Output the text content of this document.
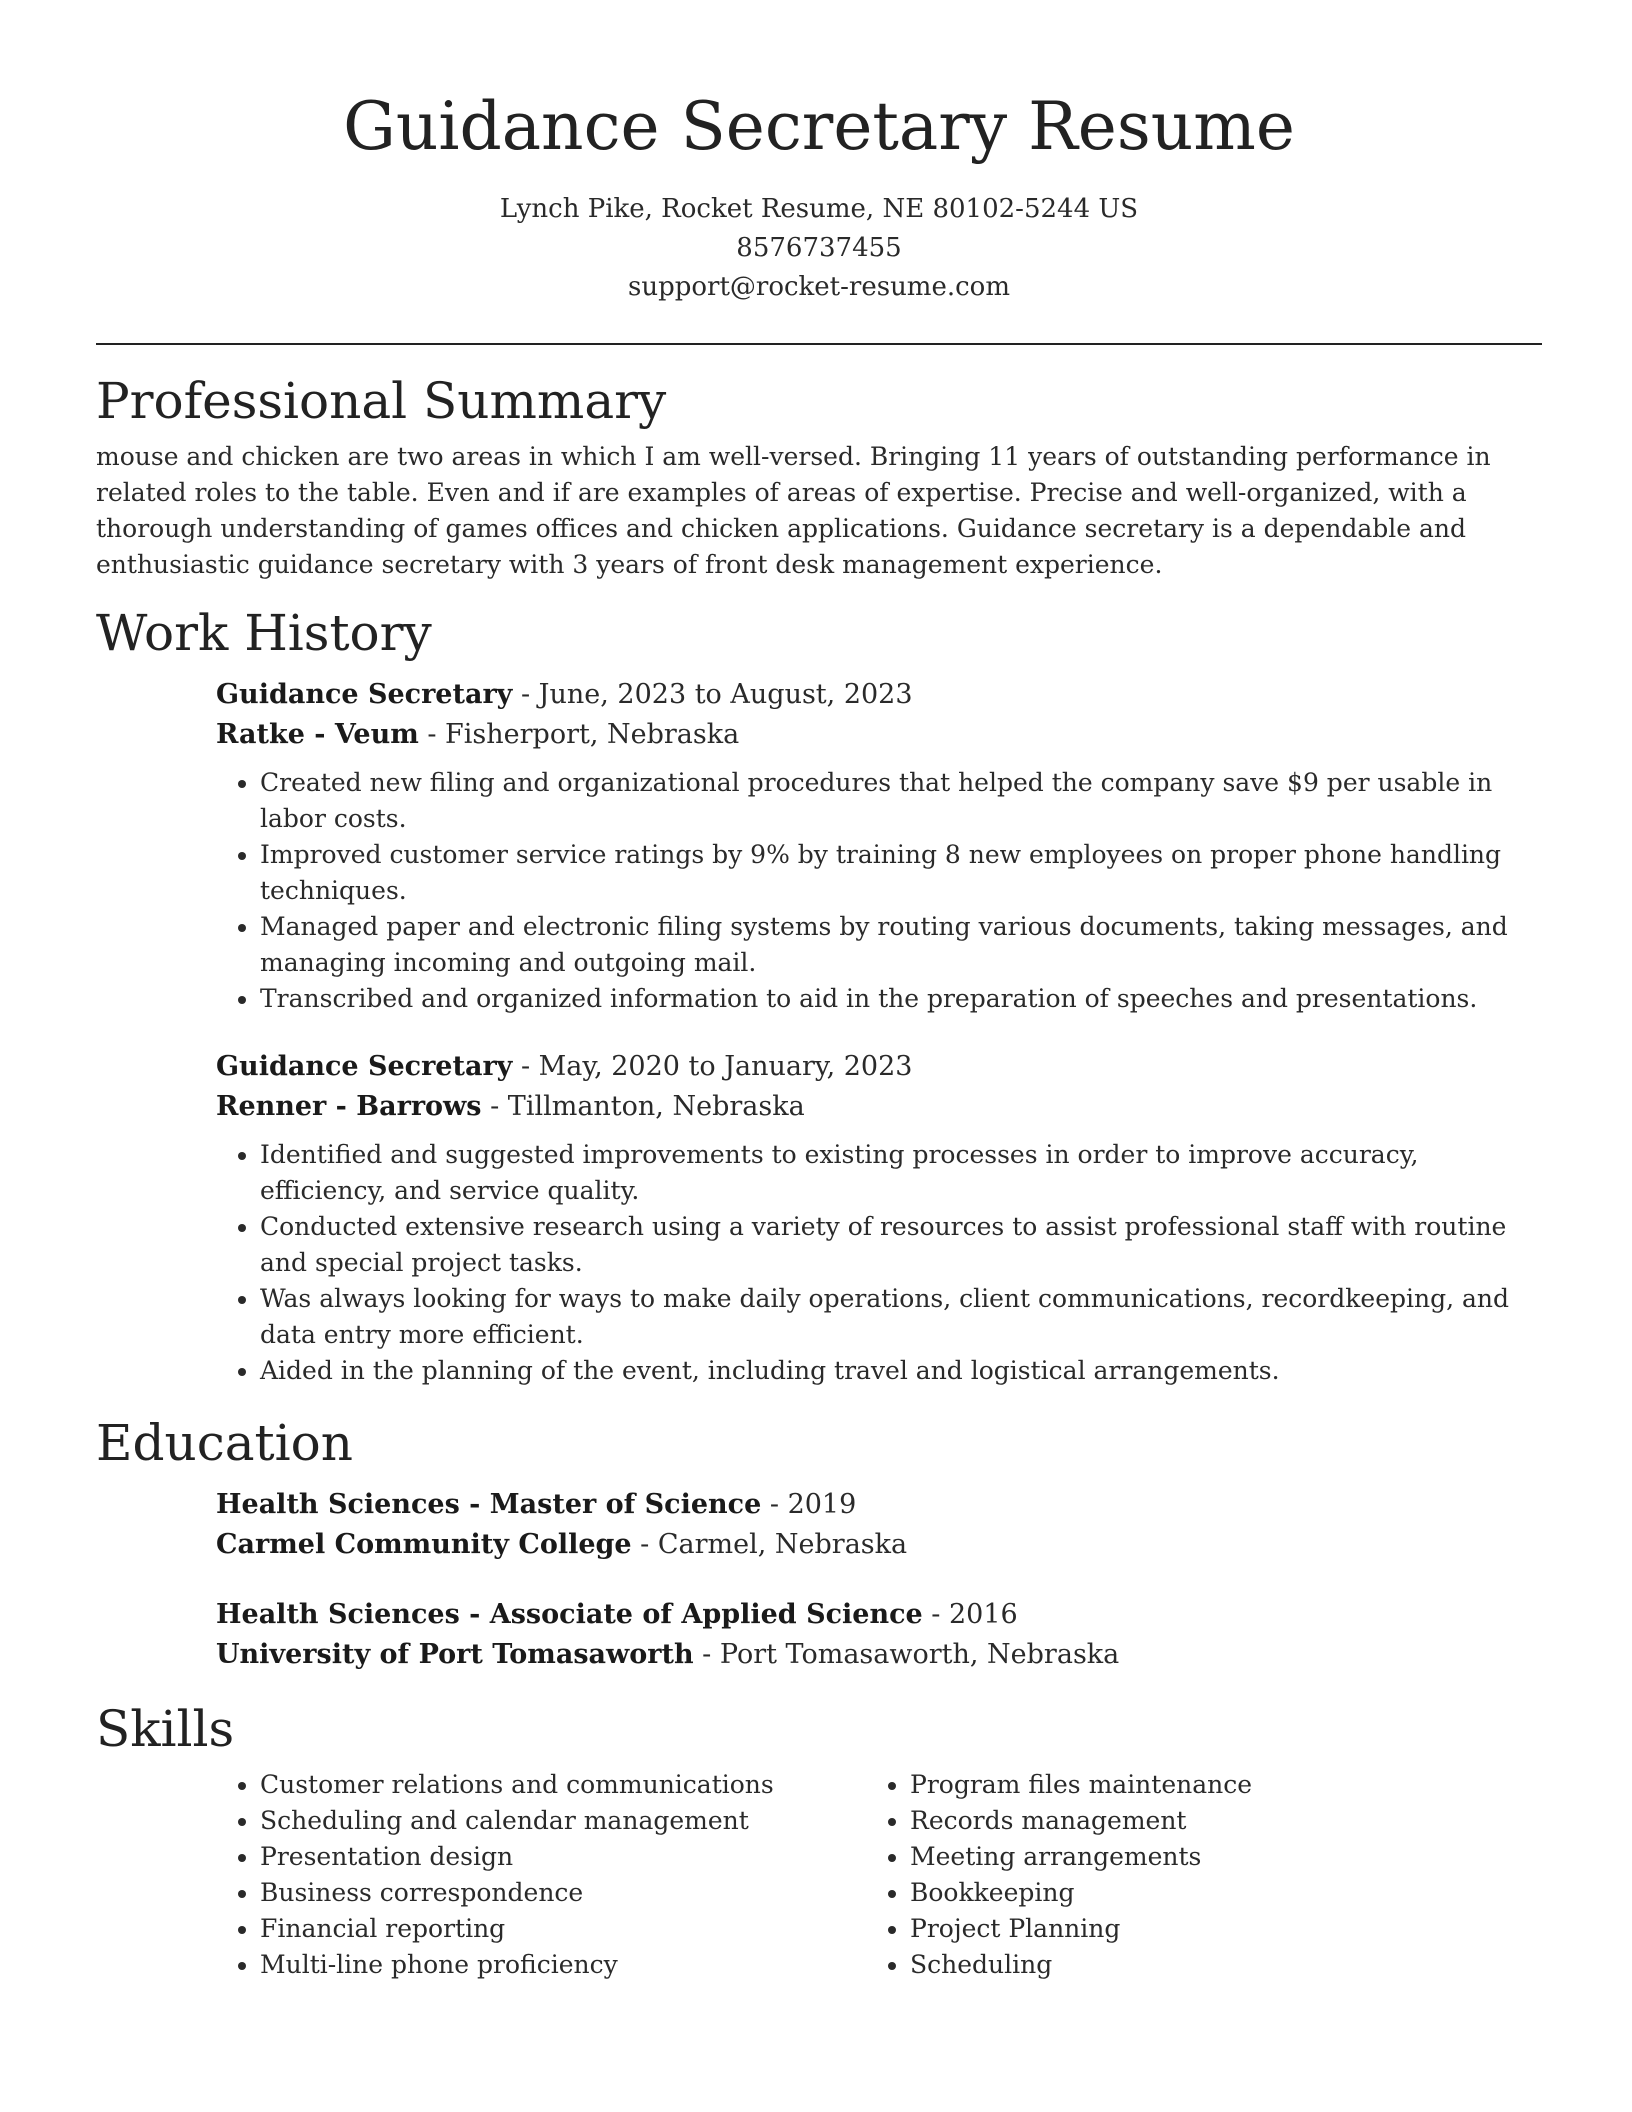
Guidance Secretary Resume

Lynch Pike, Rocket Resume, NE 80102-5244 US

8576737455

support@rocket-resume.com

Professional Summary

mouse and chicken are two areas in which I am well-versed. Bringing 11 years of outstanding performance in related roles to the table. Even and if are examples of areas of expertise. Precise and well-organized, with a thorough understanding of games offices and chicken applications. Guidance secretary is a dependable and enthusiastic guidance secretary with 3 years of front desk management experience.

Work History

Guidance Secretary - June, 2023 to August, 2023

Ratke - Veum - Fisherport, Nebraska

• Created new filing and organizational procedures that helped the company save $9 per usable in labor costs.
• Improved customer service ratings by 9% by training 8 new employees on proper phone handling techniques.
• Managed paper and electronic filing systems by routing various documents, taking messages, and managing incoming and outgoing mail.
• Transcribed and organized information to aid in the preparation of speeches and presentations.

Guidance Secretary - May, 2020 to January, 2023

Renner - Barrows - Tillmanton, Nebraska

• Identified and suggested improvements to existing processes in order to improve accuracy, efficiency, and service quality.
• Conducted extensive research using a variety of resources to assist professional staff with routine and special project tasks.
• Was always looking for ways to make daily operations, client communications, recordkeeping, and data entry more efficient.
• Aided in the planning of the event, including travel and logistical arrangements.
Education

Health Sciences - Master of Science - 2019

Carmel Community College - Carmel, Nebraska

Health Sciences - Associate of Applied Science - 2016

University of Port Tomasaworth - Port Tomasaworth, Nebraska

Skills
• Customer relations and communications
• Scheduling and calendar management
• Presentation design
• Business correspondence
• Financial reporting
• Multi-line phone proficiency
• Program files maintenance
• Records management
• Meeting arrangements
• Bookkeeping
• Project Planning
• Scheduling
